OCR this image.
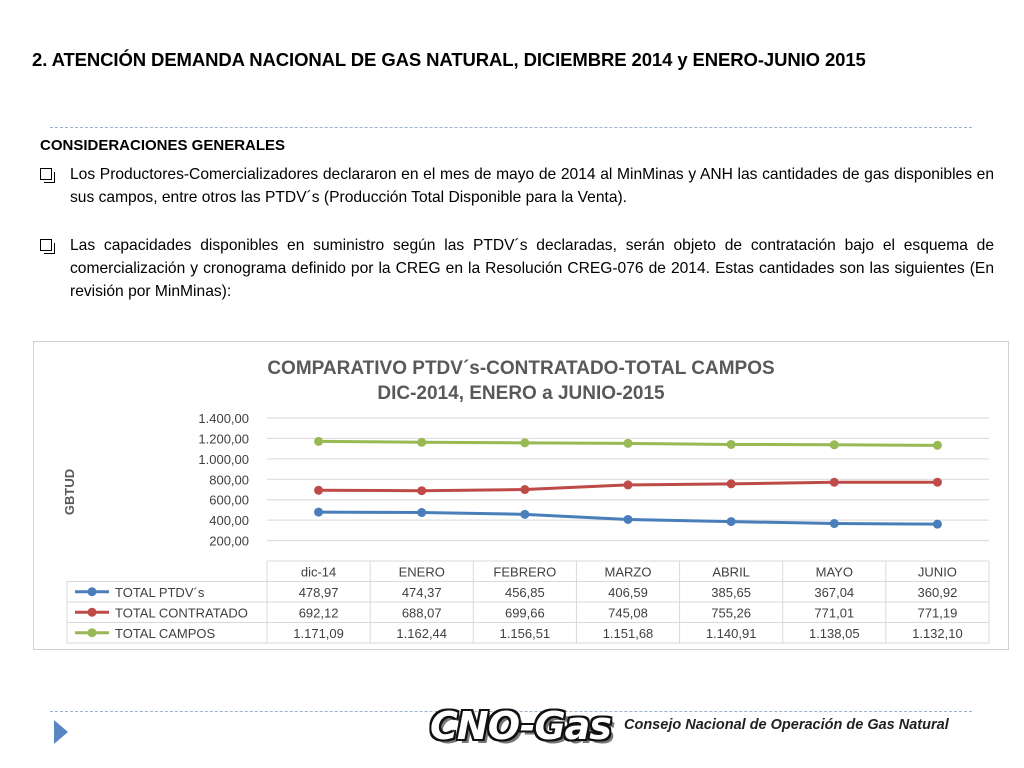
2. ATENCIÓN DEMANDA NACIONAL DE GAS NATURAL, DICIEMBRE 2014 y ENERO-JUNIO 2015
CONSIDERACIONES GENERALES

Los Productores-Comercializadores declararon en el mes de mayo de 2014 al MinMinas y ANH las cantidades de gas disponibles en sus campos, entre otros las PTDV´s (Producción Total Disponible para la Venta).

Las capacidades disponibles en suministro según las PTDV´s declaradas, serán objeto de contratación bajo el esquema de comercialización y cronograma definido por la CREG en la Resolución CREG-076 de 2014. Estas cantidades son las siguientes (En revisión por MinMinas):

COMPARATIVO PTDV´s-CONTRATADO-TOTAL CAMPOS
DIC-2014, ENERO a JUNIO-2015
GBTUD
200,00
400,00
600,00
800,00
1.000,00
1.200,00
1.400,00
dic-14	ENERO	FEBRERO	MARZO	ABRIL	MAYO	JUNIO
TOTAL PTDV´s	478,97	474,37	456,85	406,59	385,65	367,04	360,92
TOTAL CONTRATADO	692,12	688,07	699,66	745,08	755,26	771,01	771,19
TOTAL CAMPOS	1.171,09	1.162,44	1.156,51	1.151,68	1.140,91	1.138,05	1.132,10
CNO-Gas Consejo Nacional de Operación de Gas Natural
